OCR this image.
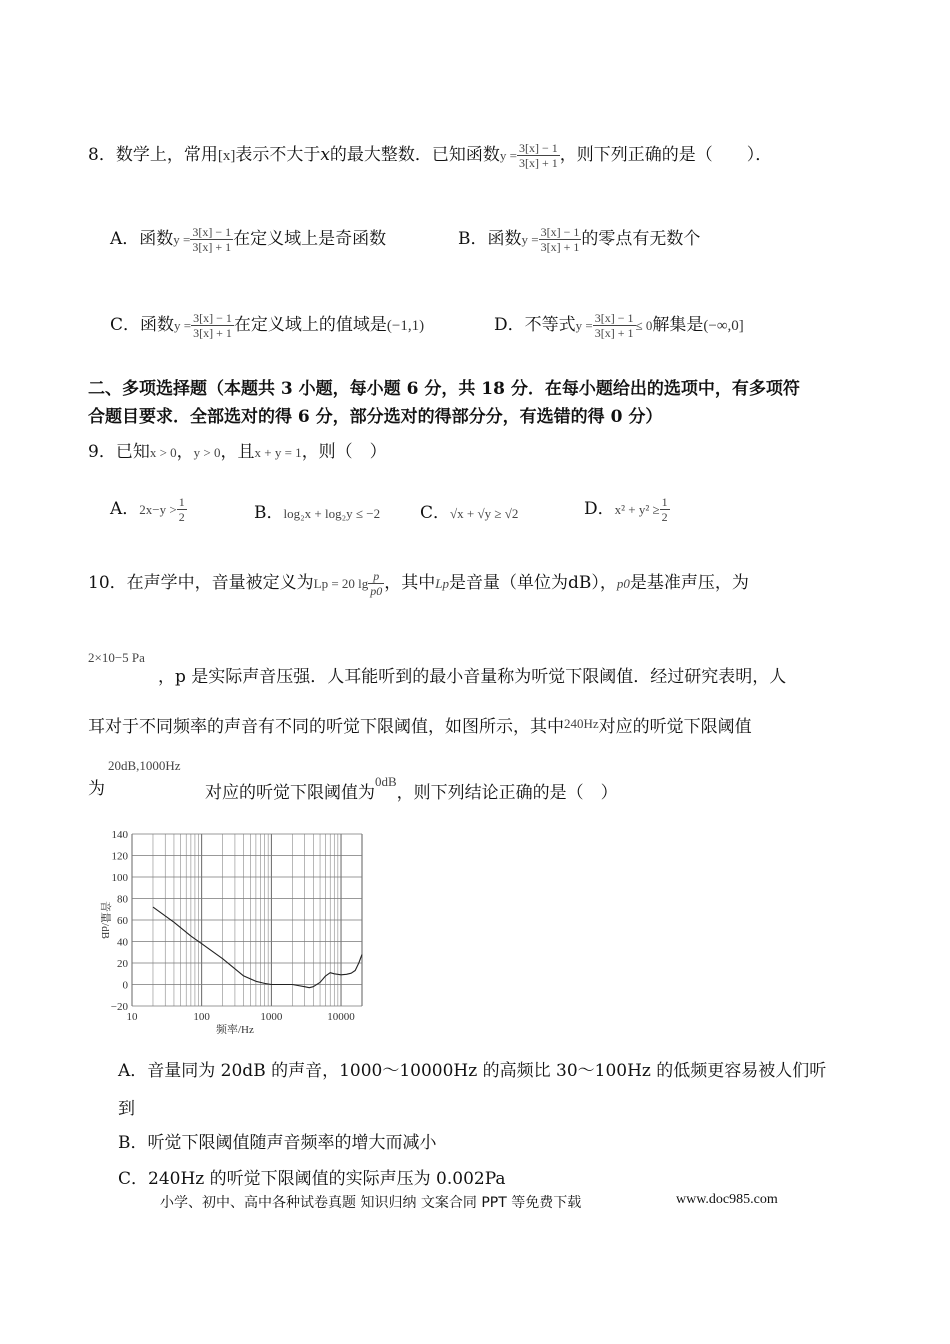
8．数学上，常用[x]表示不大于x的最大整数．已知函数$y = \frac{3[x] - 1}{3[x] + 1}$ ，则下列正确的是（　　）．
A．函数$y = \frac{3[x] - 1}{3[x] + 1}$ 在定义域上是奇函数	B．函数$y = \frac{3[x] - 1}{3[x] + 1}$ 的零点有无数个
C．函数$y = \frac{3[x] - 1}{3[x] + 1}$ 在定义域上的值域是(−1,1)	D．不等式$y = \frac{3[x] - 1}{3[x] + 1} \le 0$解集是(−∞,0]
二、多项选择题（本题共 3 小题，每小题 6 分，共 18 分．在每小题给出的选项中，有多项符
合题目要求．全部选对的得 6 分，部分选对的得部分分，有选错的得 0 分）
9．已知x > 0，y > 0，且x + y = 1，则（　）
A．$2x-y > \frac{1}{2}$	B．log₂x + log₂y ≤ −2 C．√x + √y ≥ √2	D．$x^2 + y^2 \ge \frac{1}{2}$
10．在声学中，音量被定义为Lp = 20 $\lg \frac{p}{p0}$ ，其中Lp是音量（单位为dB），p0是基准声压，为
2×10−5 Pa
，p 是实际声音压强．人耳能听到的最小音量称为听觉下限阈值．经过研究表明，人
耳对于不同频率的声音有不同的听觉下限阈值，如图所示，其中$^{240Hz}$对应的听觉下限阈值
为
20dB,1000Hz
对应的听觉下限阈值为$^{0dB}$，则下列结论正确的是（　）
140
120
100
80
60
40
20
0
−20
10	100	1000	10000
频率/Hz
音量/dB
A．音量同为 20dB 的声音，1000～10000Hz 的高频比 30～100Hz 的低频更容易被人们听
到
B．听觉下限阈值随声音频率的增大而减小
C．240Hz 的听觉下限阈值的实际声压为 0.002Pa
小学、初中、高中各种试卷真题 知识归纳 文案合同 PPT 等免费下载	www.doc985.com
